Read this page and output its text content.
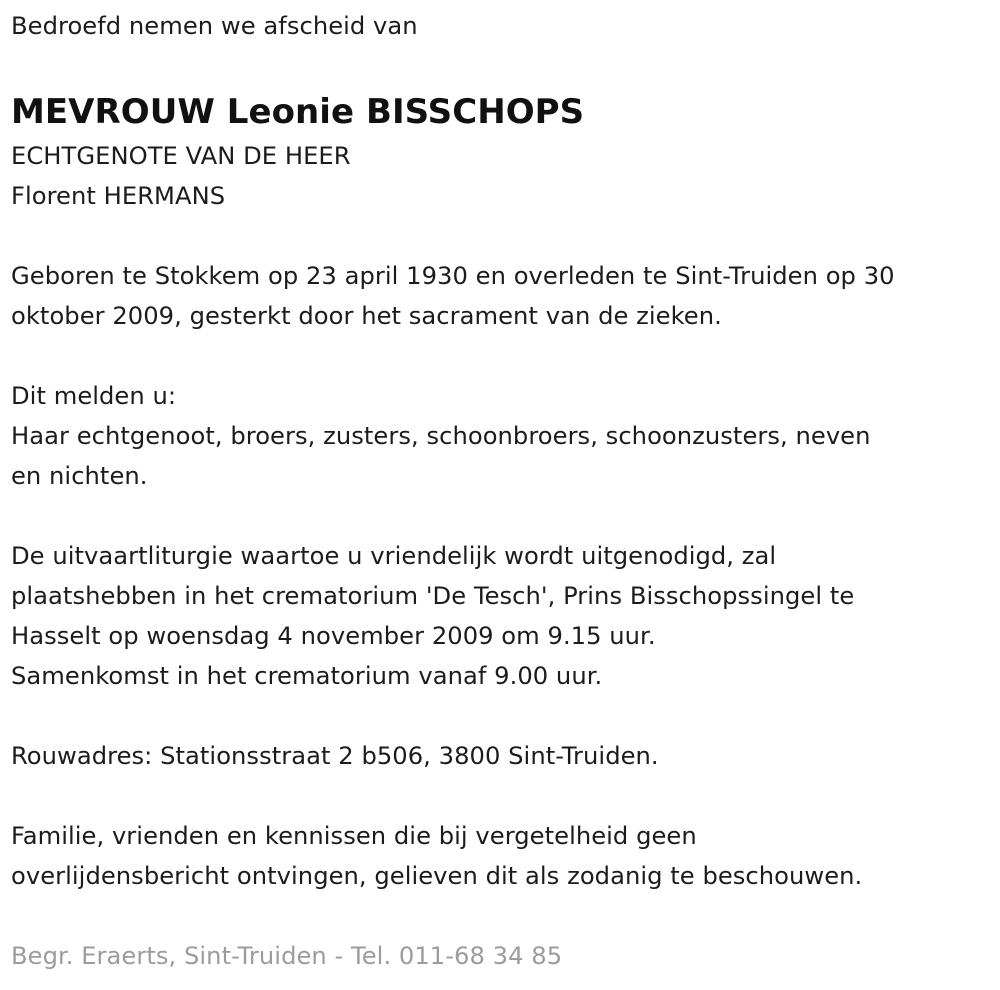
Bedroefd nemen we afscheid van
MEVROUW Leonie BISSCHOPS
ECHTGENOTE VAN DE HEER
Florent HERMANS
Geboren te Stokkem op 23 april 1930 en overleden te Sint-Truiden op 30
oktober 2009, gesterkt door het sacrament van de zieken.
Dit melden u:
Haar echtgenoot, broers, zusters, schoonbroers, schoonzusters, neven
en nichten.
De uitvaartliturgie waartoe u vriendelijk wordt uitgenodigd, zal
plaatshebben in het crematorium 'De Tesch', Prins Bisschopssingel te
Hasselt op woensdag 4 november 2009 om 9.15 uur.
Samenkomst in het crematorium vanaf 9.00 uur.
Rouwadres: Stationsstraat 2 b506, 3800 Sint-Truiden.
Familie, vrienden en kennissen die bij vergetelheid geen
overlijdensbericht ontvingen, gelieven dit als zodanig te beschouwen.
Begr. Eraerts, Sint-Truiden - Tel. 011-68 34 85
